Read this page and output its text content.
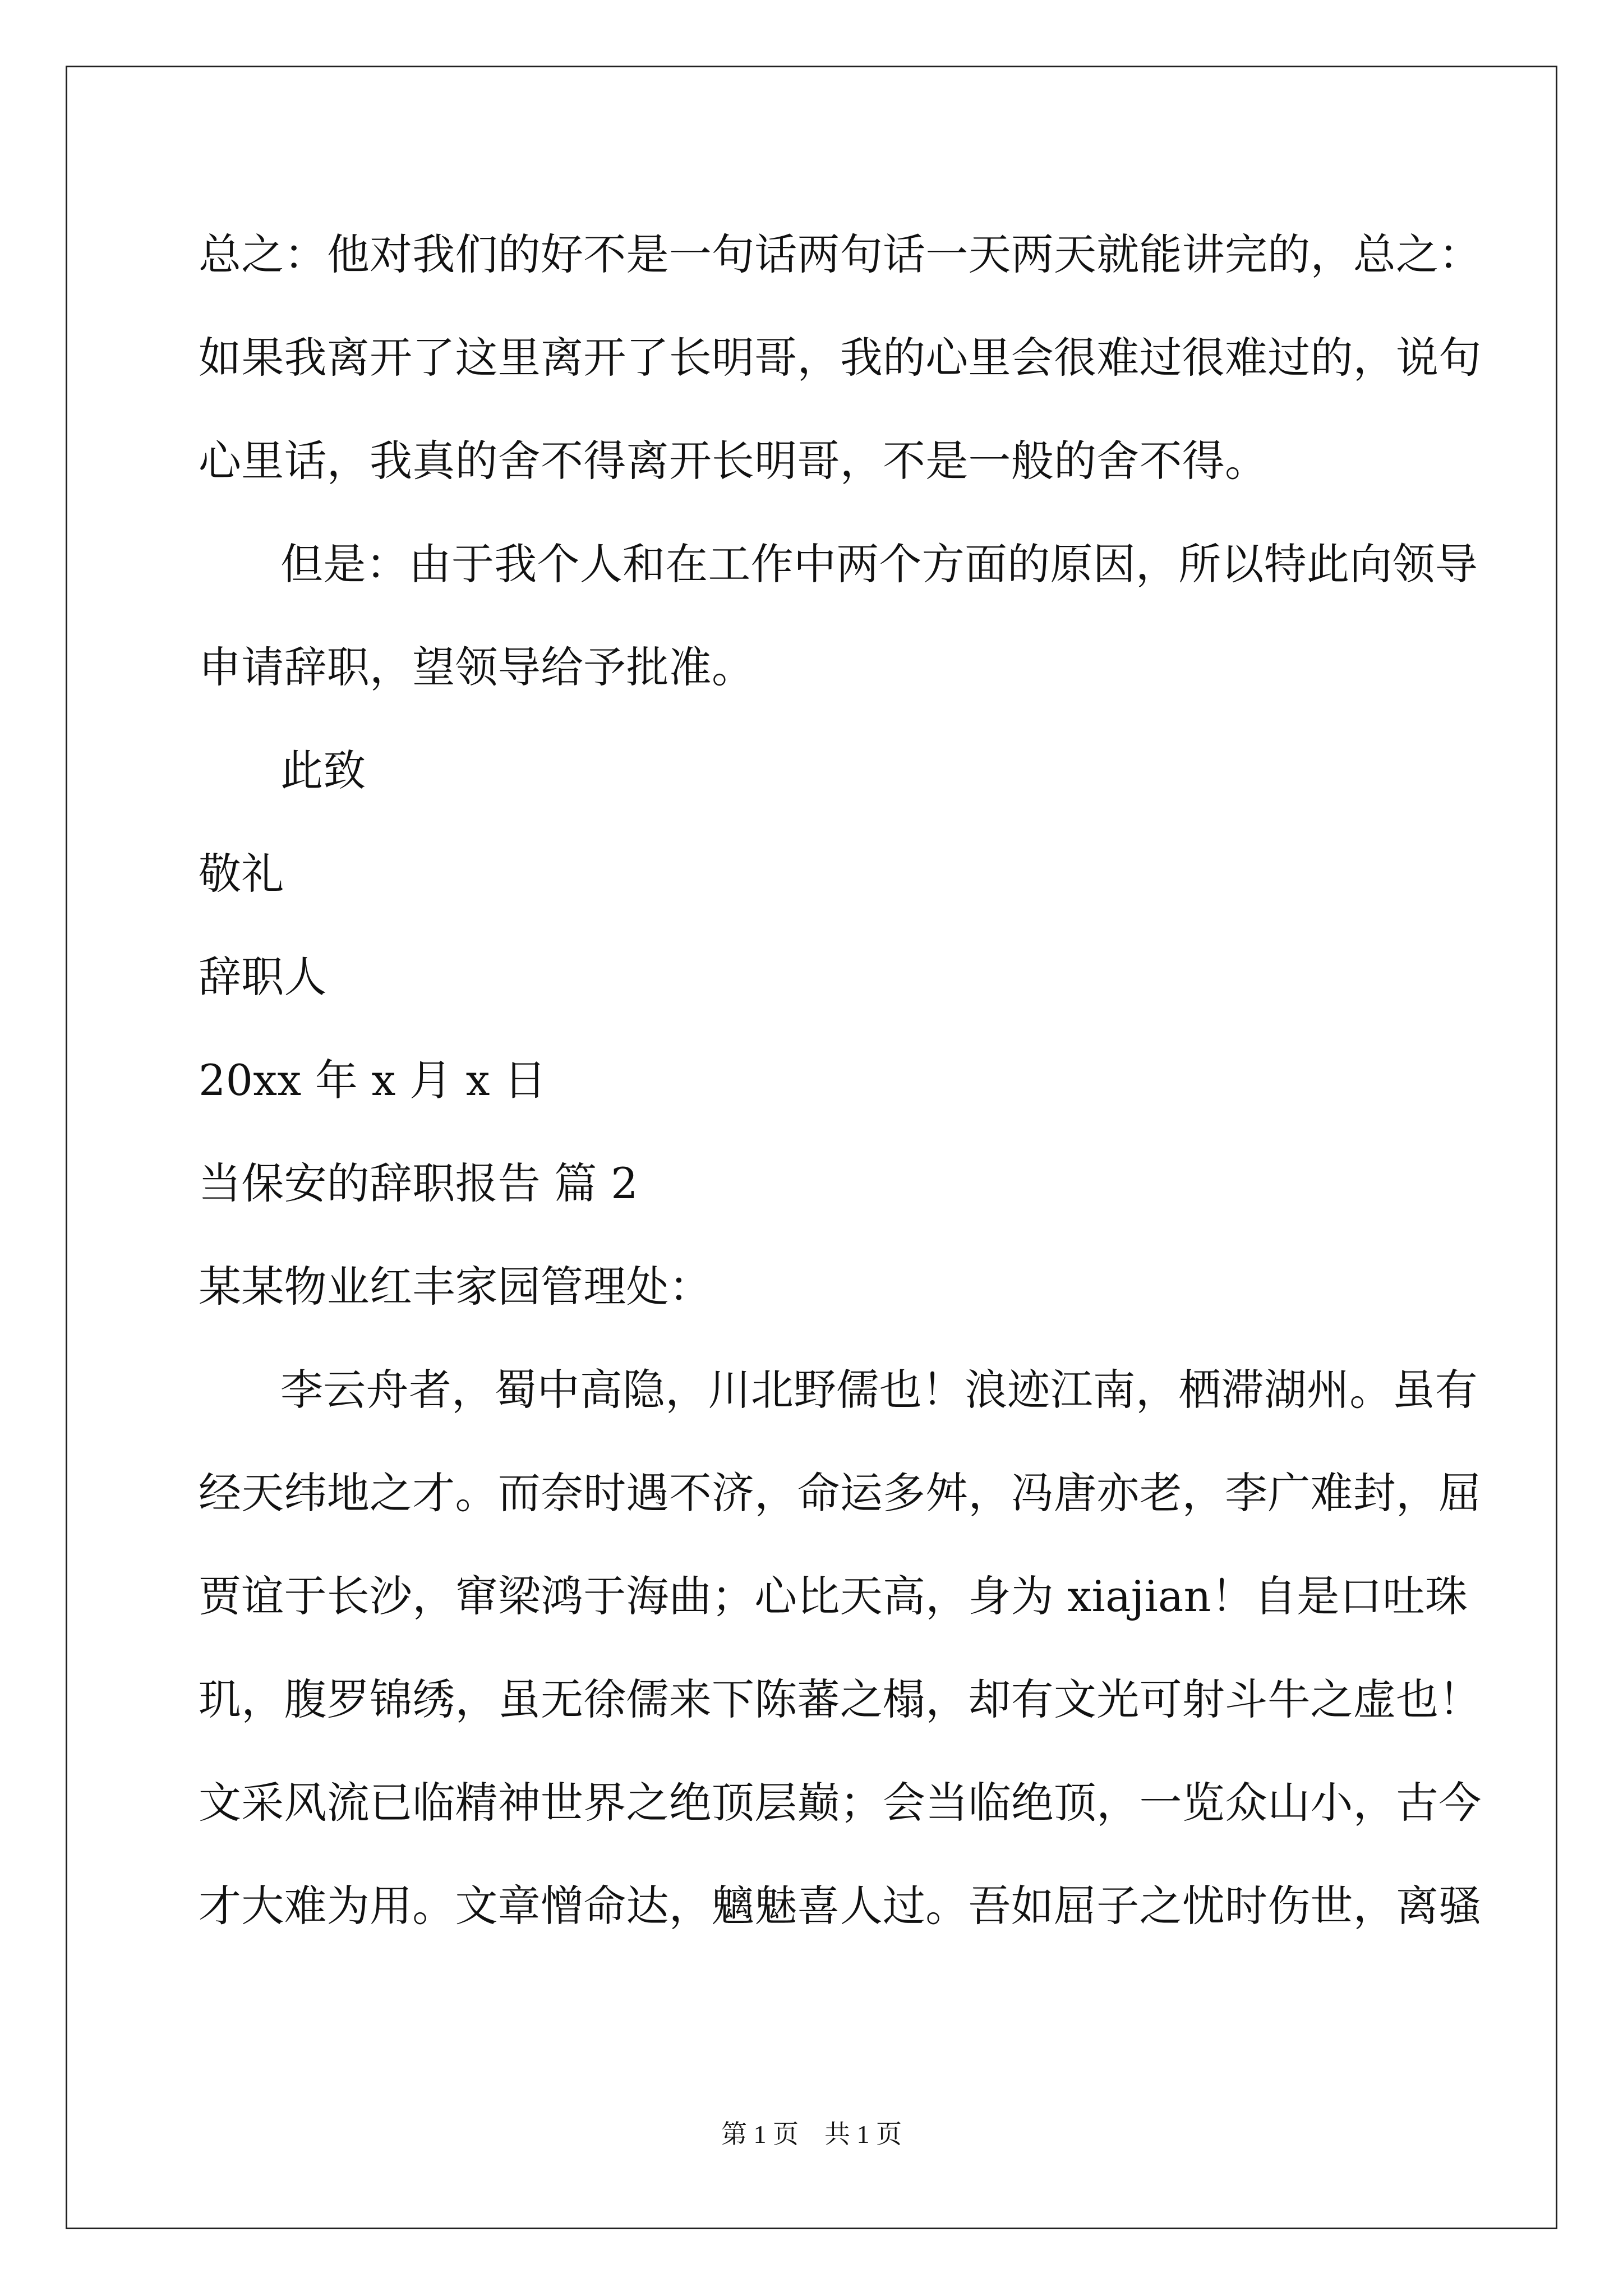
总之：他对我们的好不是一句话两句话一天两天就能讲完的，总之：
如果我离开了这里离开了长明哥，我的心里会很难过很难过的，说句
心里话，我真的舍不得离开长明哥，不是一般的舍不得。
但是：由于我个人和在工作中两个方面的原因，所以特此向领导
申请辞职，望领导给予批准。
此致
敬礼
辞职人
20xx 年 x 月 x 日
当保安的辞职报告 篇 2
某某物业红丰家园管理处：
李云舟者，蜀中高隐，川北野儒也！浪迹江南，栖滞湖州。虽有
经天纬地之才。而奈时遇不济，命运多舛，冯唐亦老，李广难封，屈
贾谊于长沙，窜梁鸿于海曲；心比天高，身为 xiajian！自是口吐珠
玑，腹罗锦绣，虽无徐儒来下陈蕃之榻，却有文光可射斗牛之虚也！
文采风流已临精神世界之绝顶层巅；会当临绝顶，一览众山小，古今
才大难为用。文章憎命达，魑魅喜人过。吾如屈子之忧时伤世，离骚
第 1 页　共 1 页
